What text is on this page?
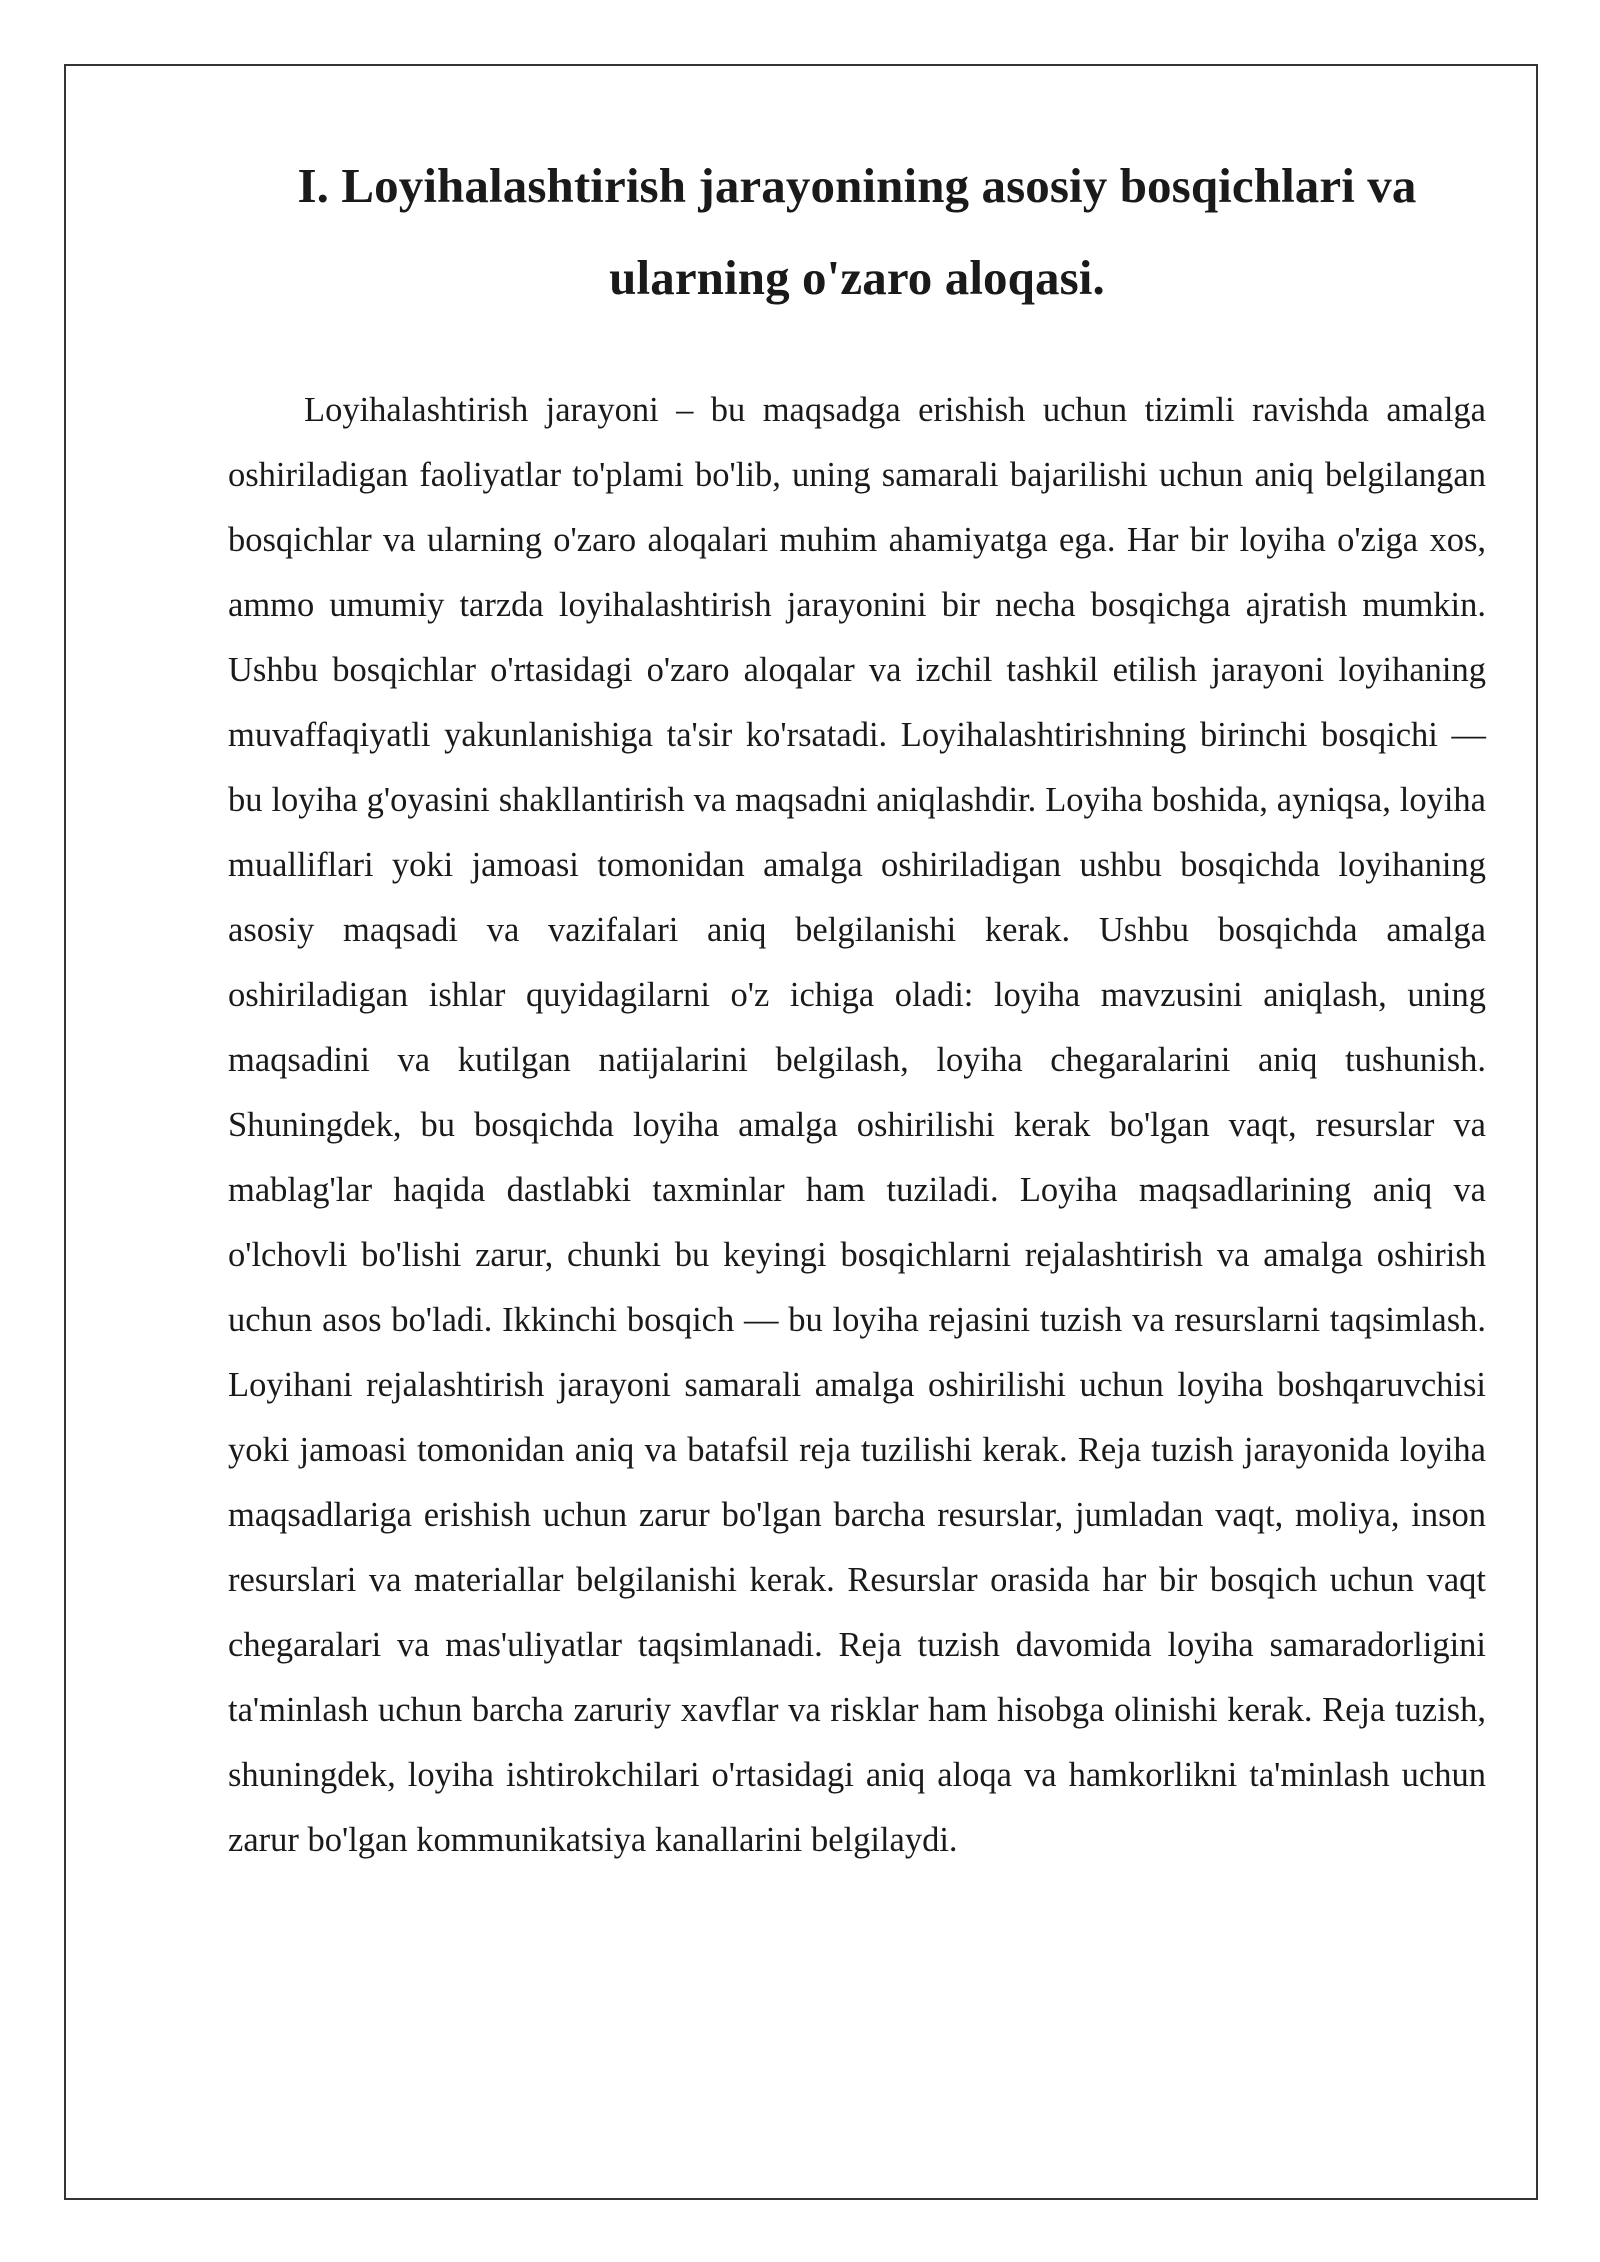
I. Loyihalashtirish jarayonining asosiy bosqichlari va ularning o'zaro aloqasi.

Loyihalashtirish jarayoni – bu maqsadga erishish uchun tizimli ravishda amalga oshiriladigan faoliyatlar to'plami bo'lib, uning samarali bajarilishi uchun aniq belgilangan bosqichlar va ularning o'zaro aloqalari muhim ahamiyatga ega. Har bir loyiha o'ziga xos, ammo umumiy tarzda loyihalashtirish jarayonini bir necha bosqichga ajratish mumkin. Ushbu bosqichlar o'rtasidagi o'zaro aloqalar va izchil tashkil etilish jarayoni loyihaning muvaffaqiyatli yakunlanishiga ta'sir ko'rsatadi. Loyihalashtirishning birinchi bosqichi — bu loyiha g'oyasini shakllantirish va maqsadni aniqlashdir. Loyiha boshida, ayniqsa, loyiha mualliflari yoki jamoasi tomonidan amalga oshiriladigan ushbu bosqichda loyihaning asosiy maqsadi va vazifalari aniq belgilanishi kerak. Ushbu bosqichda amalga oshiriladigan ishlar quyidagilarni o'z ichiga oladi: loyiha mavzusini aniqlash, uning maqsadini va kutilgan natijalarini belgilash, loyiha chegaralarini aniq tushunish. Shuningdek, bu bosqichda loyiha amalga oshirilishi kerak bo'lgan vaqt, resurslar va mablag'lar haqida dastlabki taxminlar ham tuziladi. Loyiha maqsadlarining aniq va o'lchovli bo'lishi zarur, chunki bu keyingi bosqichlarni rejalashtirish va amalga oshirish uchun asos bo'ladi. Ikkinchi bosqich — bu loyiha rejasini tuzish va resurslarni taqsimlash. Loyihani rejalashtirish jarayoni samarali amalga oshirilishi uchun loyiha boshqaruvchisi yoki jamoasi tomonidan aniq va batafsil reja tuzilishi kerak. Reja tuzish jarayonida loyiha maqsadlariga erishish uchun zarur bo'lgan barcha resurslar, jumladan vaqt, moliya, inson resurslari va materiallar belgilanishi kerak. Resurslar orasida har bir bosqich uchun vaqt chegaralari va mas'uliyatlar taqsimlanadi. Reja tuzish davomida loyiha samaradorligini ta'minlash uchun barcha zaruriy xavflar va risklar ham hisobga olinishi kerak. Reja tuzish, shuningdek, loyiha ishtirokchilari o'rtasidagi aniq aloqa va hamkorlikni ta'minlash uchun zarur bo'lgan kommunikatsiya kanallarini belgilaydi.
